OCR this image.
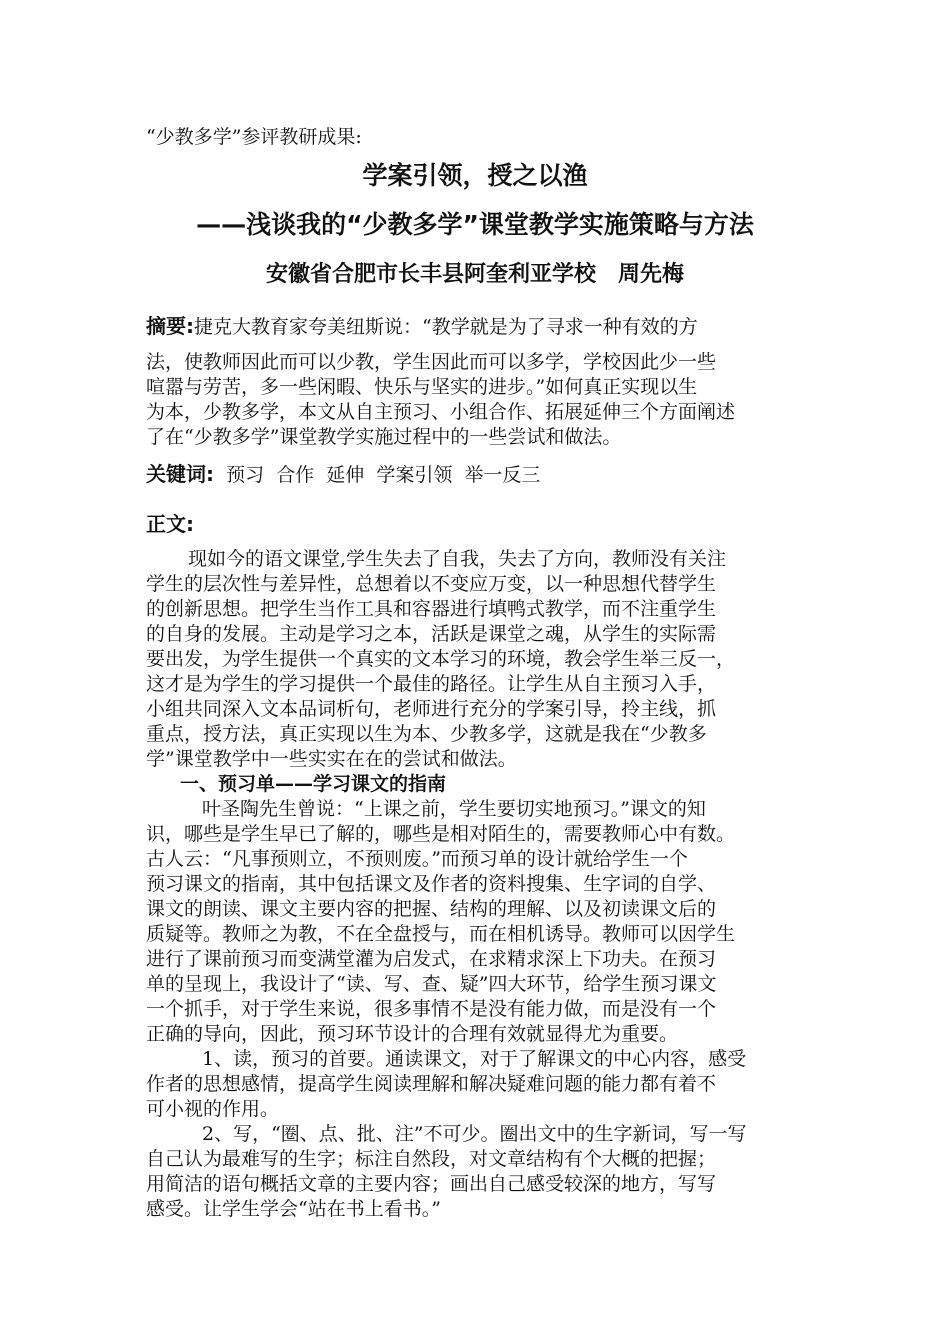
“少教多学”参评教研成果:
学案引领，授之以渔
——浅谈我的“少教多学”课堂教学实施策略与方法
安徽省合肥市长丰县阿奎利亚学校　周先梅
摘要:捷克大教育家夸美纽斯说：“教学就是为了寻求一种有效的方
法，使教师因此而可以少教，学生因此而可以多学，学校因此少一些
喧嚣与劳苦，多一些闲暇、快乐与坚实的进步。”如何真正实现以生
为本，少教多学，本文从自主预习、小组合作、拓展延伸三个方面阐述
了在“少教多学”课堂教学实施过程中的一些尝试和做法。
关键词: 预习  合作  延伸  学案引领  举一反三
正文:
现如今的语文课堂,学生失去了自我，失去了方向，教师没有关注
学生的层次性与差异性，总想着以不变应万变，以一种思想代替学生
的创新思想。把学生当作工具和容器进行填鸭式教学，而不注重学生
的自身的发展。主动是学习之本，活跃是课堂之魂，从学生的实际需
要出发，为学生提供一个真实的文本学习的环境，教会学生举三反一，
这才是为学生的学习提供一个最佳的路径。让学生从自主预习入手，
小组共同深入文本品词析句，老师进行充分的学案引导，拎主线，抓
重点，授方法，真正实现以生为本、少教多学，这就是我在“少教多
学”课堂教学中一些实实在在的尝试和做法。
一、预习单——学习课文的指南
叶圣陶先生曾说：“上课之前，学生要切实地预习。”课文的知
识，哪些是学生早已了解的，哪些是相对陌生的，需要教师心中有数。
古人云：“凡事预则立，不预则废。”而预习单的设计就给学生一个
预习课文的指南，其中包括课文及作者的资料搜集、生字词的自学、
课文的朗读、课文主要内容的把握、结构的理解、以及初读课文后的
质疑等。教师之为教，不在全盘授与，而在相机诱导。教师可以因学生
进行了课前预习而变满堂灌为启发式，在求精求深上下功夫。在预习
单的呈现上，我设计了“读、写、查、疑”四大环节，给学生预习课文
一个抓手，对于学生来说，很多事情不是没有能力做，而是没有一个
正确的导向，因此，预习环节设计的合理有效就显得尤为重要。
1、读，预习的首要。通读课文，对于了解课文的中心内容，感受
作者的思想感情，提高学生阅读理解和解决疑难问题的能力都有着不
可小视的作用。
2、写，“圈、点、批、注”不可少。圈出文中的生字新词，写一写
自己认为最难写的生字；标注自然段，对文章结构有个大概的把握；
用简洁的语句概括文章的主要内容；画出自己感受较深的地方，写写
感受。让学生学会“站在书上看书。”
